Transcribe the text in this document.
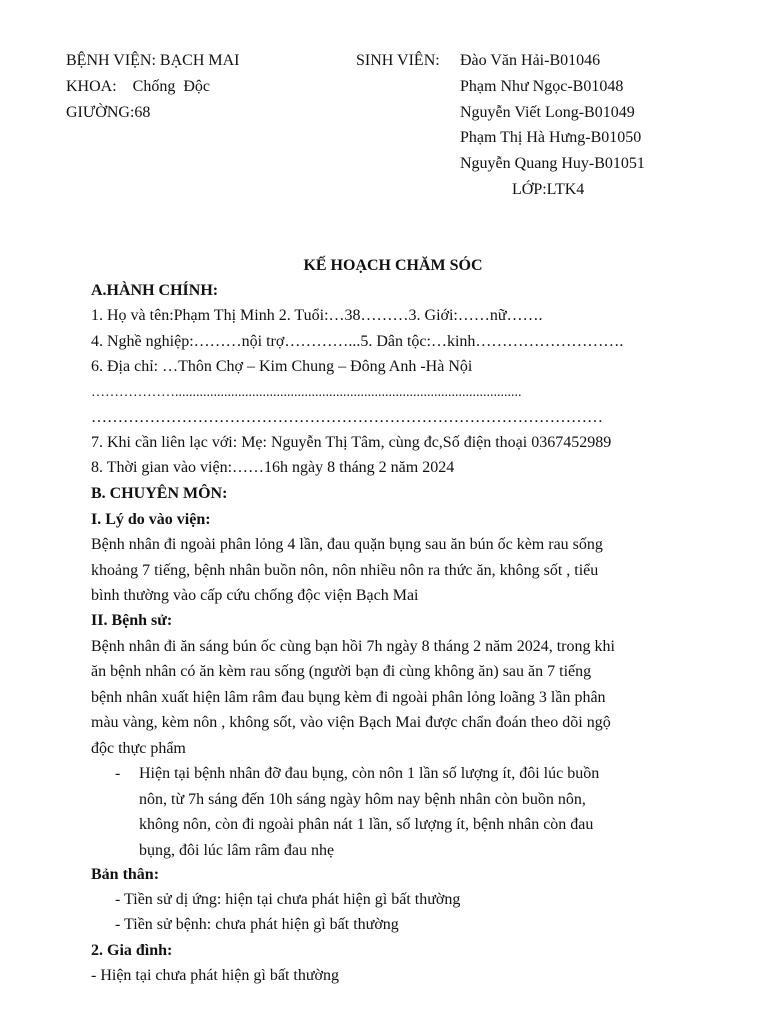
BỆNH VIỆN: BẠCH MAI
KHOA:    Chống  Độc
GIƯỜNG:68
SINH VIÊN: Đào Văn Hải-B01046
Phạm Như Ngọc-B01048
Nguyễn Viết Long-B01049
Phạm Thị Hà Hưng-B01050
Nguyễn Quang Huy-B01051
LỚP:LTK4
KẾ HOẠCH CHĂM SÓC
A.HÀNH CHÍNH:
1. Họ và tên:Phạm Thị Minh 2. Tuổi:…38………3. Giới:……nữ…….
4. Nghề nghiệp:………nội trợ…………...5. Dân tộc:…kinh……………………….
6. Địa chỉ: …Thôn Chợ – Kim Chung – Đông Anh -Hà Nội
………………...................................................................................................
……………………………………………………………………………………
7. Khi cần liên lạc với: Mẹ: Nguyễn Thị Tâm, cùng đc,Số điện thoại 0367452989
8. Thời gian vào viện:……16h ngày 8 tháng 2 năm 2024
B. CHUYÊN MÔN:
I. Lý do vào viện:
Bệnh nhân đi ngoài phân lỏng 4 lần, đau quặn bụng sau ăn bún ốc kèm rau sống
khoảng 7 tiếng, bệnh nhân buồn nôn, nôn nhiều nôn ra thức ăn, không sốt , tiểu
bình thường vào cấp cứu chống độc viện Bạch Mai
II. Bệnh sử:
Bệnh nhân đi ăn sáng bún ốc cùng bạn hồi 7h ngày 8 tháng 2 năm 2024, trong khi
ăn bệnh nhân có ăn kèm rau sống (người bạn đi cùng không ăn) sau ăn 7 tiếng
bệnh nhân xuất hiện lâm râm đau bụng kèm đi ngoài phân lỏng loãng 3 lần phân
màu vàng, kèm nôn , không sốt, vào viện Bạch Mai được chẩn đoán theo dõi ngộ
độc thực phẩm
- Hiện tại bệnh nhân đỡ đau bụng, còn nôn 1 lần số lượng ít, đôi lúc buồn
nôn, từ 7h sáng đến 10h sáng ngày hôm nay bệnh nhân còn buồn nôn,
không nôn, còn đi ngoài phân nát 1 lần, số lượng ít, bệnh nhân còn đau
bụng, đôi lúc lâm râm đau nhẹ
Bản thân:
- Tiền sử dị ứng: hiện tại chưa phát hiện gì bất thường
- Tiền sử bệnh: chưa phát hiện gì bất thường
2. Gia đình:
- Hiện tại chưa phát hiện gì bất thường
